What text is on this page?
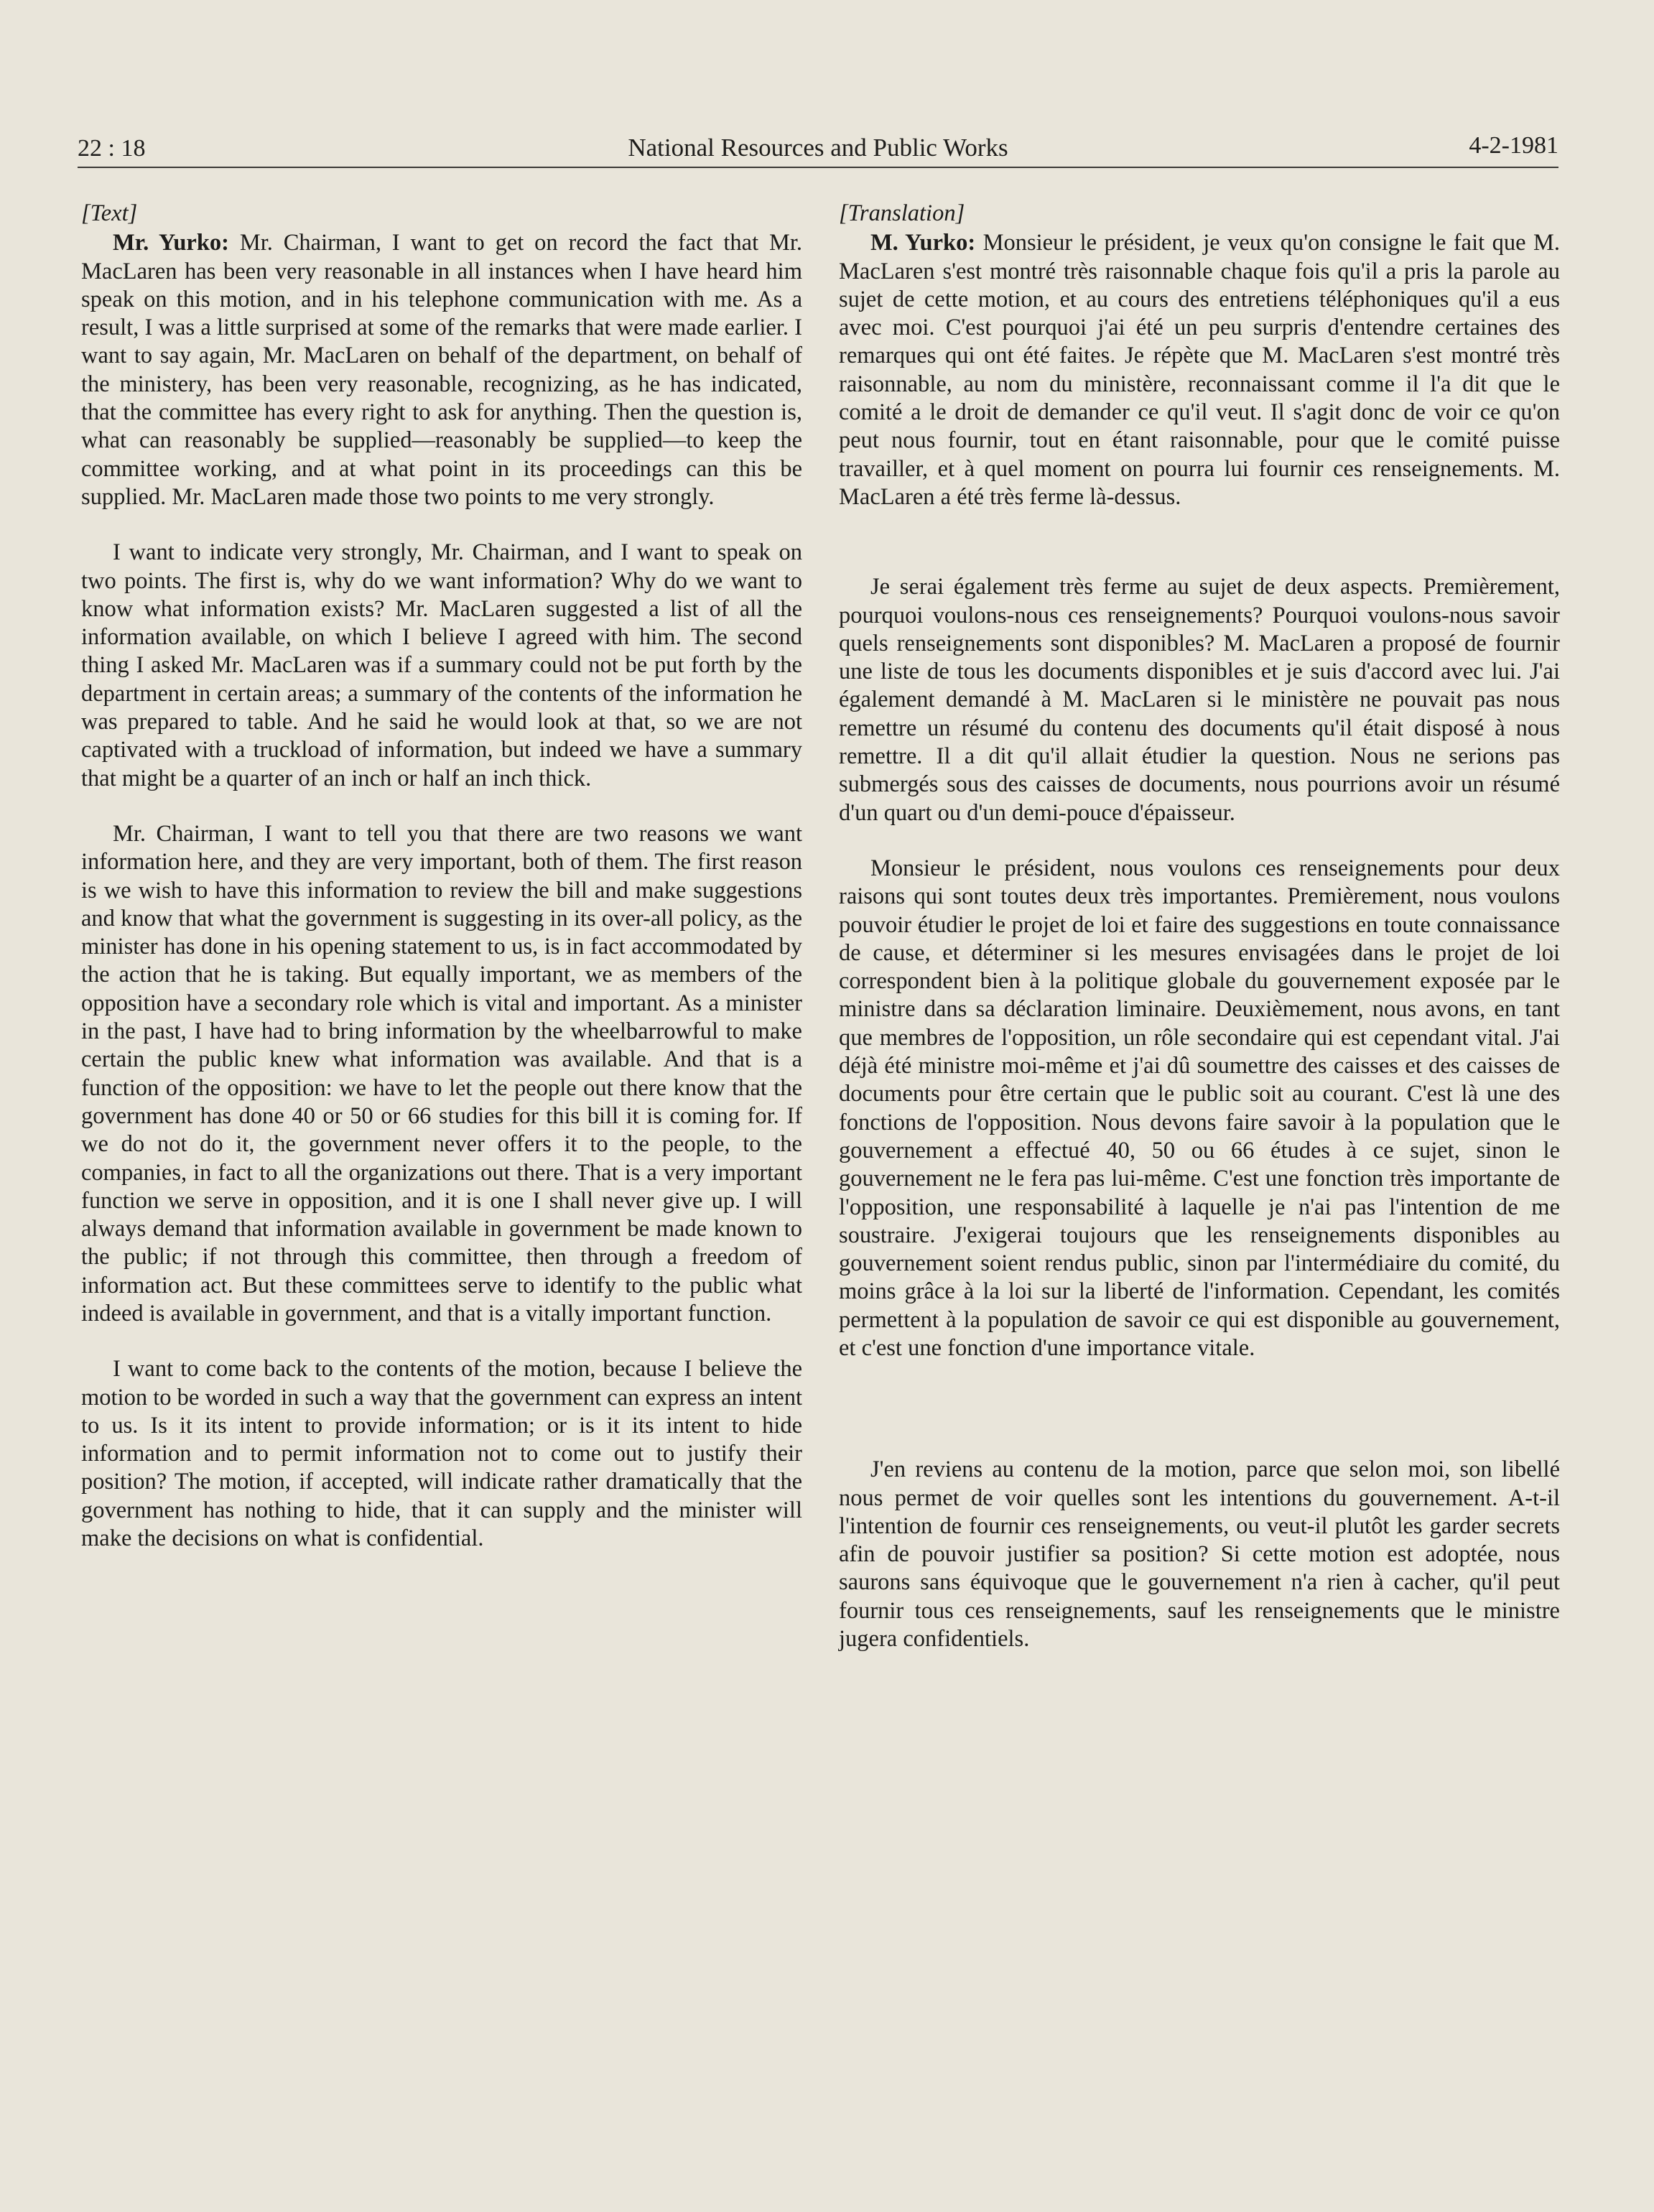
22 : 18	National Resources and Public Works	4-2-1981
[Text]

Mr. Yurko: Mr. Chairman, I want to get on record the fact that Mr. MacLaren has been very reasonable in all instances when I have heard him speak on this motion, and in his telephone communication with me. As a result, I was a little surprised at some of the remarks that were made earlier. I want to say again, Mr. MacLaren on behalf of the department, on behalf of the ministery, has been very reasonable, recognizing, as he has indicated, that the committee has every right to ask for anything. Then the question is, what can reasonably be supplied—reasonably be supplied—to keep the committee working, and at what point in its proceedings can this be supplied. Mr. MacLaren made those two points to me very strongly.

I want to indicate very strongly, Mr. Chairman, and I want to speak on two points. The first is, why do we want information? Why do we want to know what information exists? Mr. MacLaren suggested a list of all the information available, on which I believe I agreed with him. The second thing I asked Mr. MacLaren was if a summary could not be put forth by the department in certain areas; a summary of the contents of the information he was prepared to table. And he said he would look at that, so we are not captivated with a truckload of information, but indeed we have a summary that might be a quarter of an inch or half an inch thick.

Mr. Chairman, I want to tell you that there are two reasons we want information here, and they are very important, both of them. The first reason is we wish to have this information to review the bill and make suggestions and know that what the government is suggesting in its over-all policy, as the minister has done in his opening statement to us, is in fact accommodated by the action that he is taking. But equally important, we as members of the opposition have a secondary role which is vital and important. As a minister in the past, I have had to bring information by the wheelbarrowful to make certain the public knew what information was available. And that is a function of the opposition: we have to let the people out there know that the government has done 40 or 50 or 66 studies for this bill it is coming for. If we do not do it, the government never offers it to the people, to the companies, in fact to all the organizations out there. That is a very important function we serve in opposition, and it is one I shall never give up. I will always demand that information available in government be made known to the public; if not through this committee, then through a freedom of information act. But these committees serve to identify to the public what indeed is available in government, and that is a vitally important function.

I want to come back to the contents of the motion, because I believe the motion to be worded in such a way that the government can express an intent to us. Is it its intent to provide information; or is it its intent to hide information and to permit information not to come out to justify their position? The motion, if accepted, will indicate rather dramatically that the government has nothing to hide, that it can supply and the minister will make the decisions on what is confidential.

[Translation]

M. Yurko: Monsieur le président, je veux qu'on consigne le fait que M. MacLaren s'est montré très raisonnable chaque fois qu'il a pris la parole au sujet de cette motion, et au cours des entretiens téléphoniques qu'il a eus avec moi. C'est pourquoi j'ai été un peu surpris d'entendre certaines des remarques qui ont été faites. Je répète que M. MacLaren s'est montré très raisonnable, au nom du ministère, reconnaissant comme il l'a dit que le comité a le droit de demander ce qu'il veut. Il s'agit donc de voir ce qu'on peut nous fournir, tout en étant raisonnable, pour que le comité puisse travailler, et à quel moment on pourra lui fournir ces renseignements. M. MacLaren a été très ferme là-dessus.

Je serai également très ferme au sujet de deux aspects. Premièrement, pourquoi voulons-nous ces renseignements? Pourquoi voulons-nous savoir quels renseignements sont disponibles? M. MacLaren a proposé de fournir une liste de tous les documents disponibles et je suis d'accord avec lui. J'ai également demandé à M. MacLaren si le ministère ne pouvait pas nous remettre un résumé du contenu des documents qu'il était disposé à nous remettre. Il a dit qu'il allait étudier la question. Nous ne serions pas submergés sous des caisses de documents, nous pourrions avoir un résumé d'un quart ou d'un demi-pouce d'épaisseur.

Monsieur le président, nous voulons ces renseignements pour deux raisons qui sont toutes deux très importantes. Premièrement, nous voulons pouvoir étudier le projet de loi et faire des suggestions en toute connaissance de cause, et déterminer si les mesures envisagées dans le projet de loi correspondent bien à la politique globale du gouvernement exposée par le ministre dans sa déclaration liminaire. Deuxièmement, nous avons, en tant que membres de l'opposition, un rôle secondaire qui est cependant vital. J'ai déjà été ministre moi-même et j'ai dû soumettre des caisses et des caisses de documents pour être certain que le public soit au courant. C'est là une des fonctions de l'opposition. Nous devons faire savoir à la population que le gouvernement a effectué 40, 50 ou 66 études à ce sujet, sinon le gouvernement ne le fera pas lui-même. C'est une fonction très importante de l'opposition, une responsabilité à laquelle je n'ai pas l'intention de me soustraire. J'exigerai toujours que les renseignements disponibles au gouvernement soient rendus public, sinon par l'intermédiaire du comité, du moins grâce à la loi sur la liberté de l'information. Cependant, les comités permettent à la population de savoir ce qui est disponible au gouvernement, et c'est une fonction d'une importance vitale.

J'en reviens au contenu de la motion, parce que selon moi, son libellé nous permet de voir quelles sont les intentions du gouvernement. A-t-il l'intention de fournir ces renseignements, ou veut-il plutôt les garder secrets afin de pouvoir justifier sa position? Si cette motion est adoptée, nous saurons sans équivoque que le gouvernement n'a rien à cacher, qu'il peut fournir tous ces renseignements, sauf les renseignements que le ministre jugera confidentiels.
